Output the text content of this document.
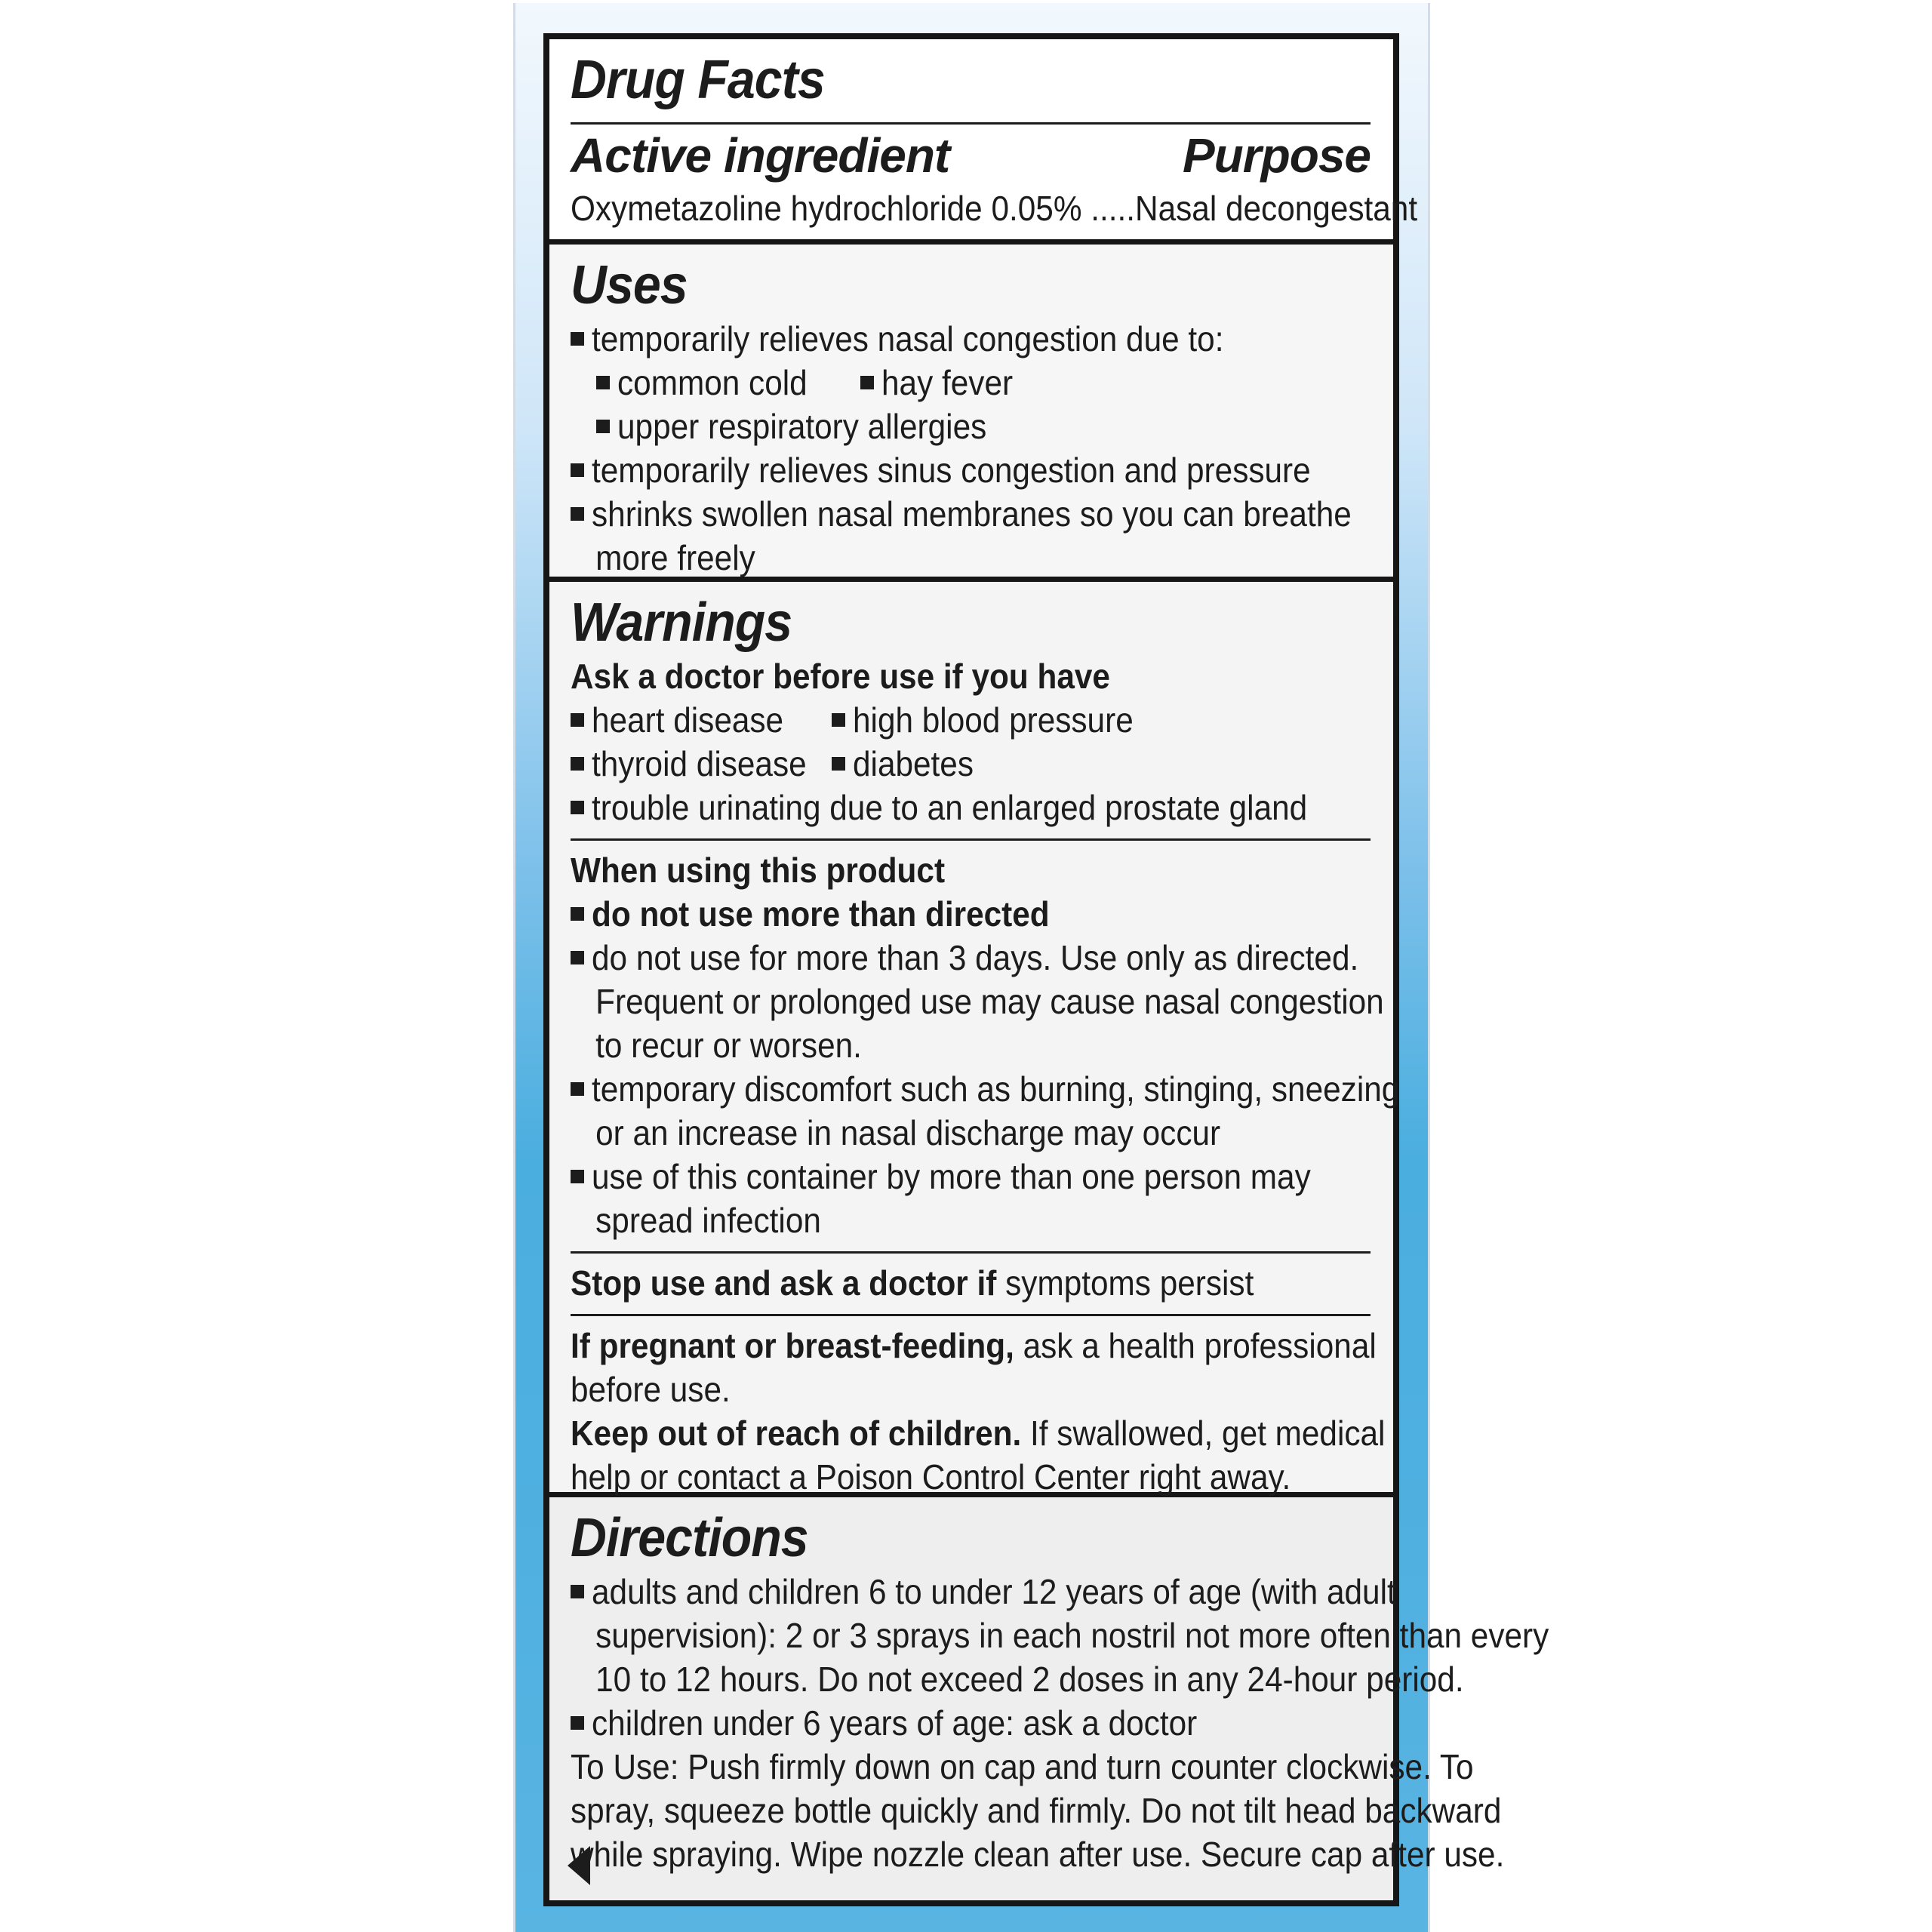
Drug Facts
Active ingredient	Purpose
Oxymetazoline hydrochloride 0.05% .....Nasal decongestant
Uses
temporarily relieves nasal congestion due to:
common cold hay fever
upper respiratory allergies
temporarily relieves sinus congestion and pressure
shrinks swollen nasal membranes so you can breathe
more freely
Warnings
Ask a doctor before use if you have
heart disease high blood pressure
thyroid disease diabetes
trouble urinating due to an enlarged prostate gland
When using this product
do not use more than directed
do not use for more than 3 days. Use only as directed.
Frequent or prolonged use may cause nasal congestion
to recur or worsen.
temporary discomfort such as burning, stinging, sneezing
or an increase in nasal discharge may occur
use of this container by more than one person may
spread infection
Stop use and ask a doctor if symptoms persist
If pregnant or breast-feeding, ask a health professional
before use.
Keep out of reach of children. If swallowed, get medical
help or contact a Poison Control Center right away.
Directions
adults and children 6 to under 12 years of age (with adult
supervision): 2 or 3 sprays in each nostril not more often than every
10 to 12 hours. Do not exceed 2 doses in any 24-hour period.
children under 6 years of age: ask a doctor
To Use: Push firmly down on cap and turn counter clockwise. To
spray, squeeze bottle quickly and firmly. Do not tilt head backward
while spraying. Wipe nozzle clean after use. Secure cap after use.
